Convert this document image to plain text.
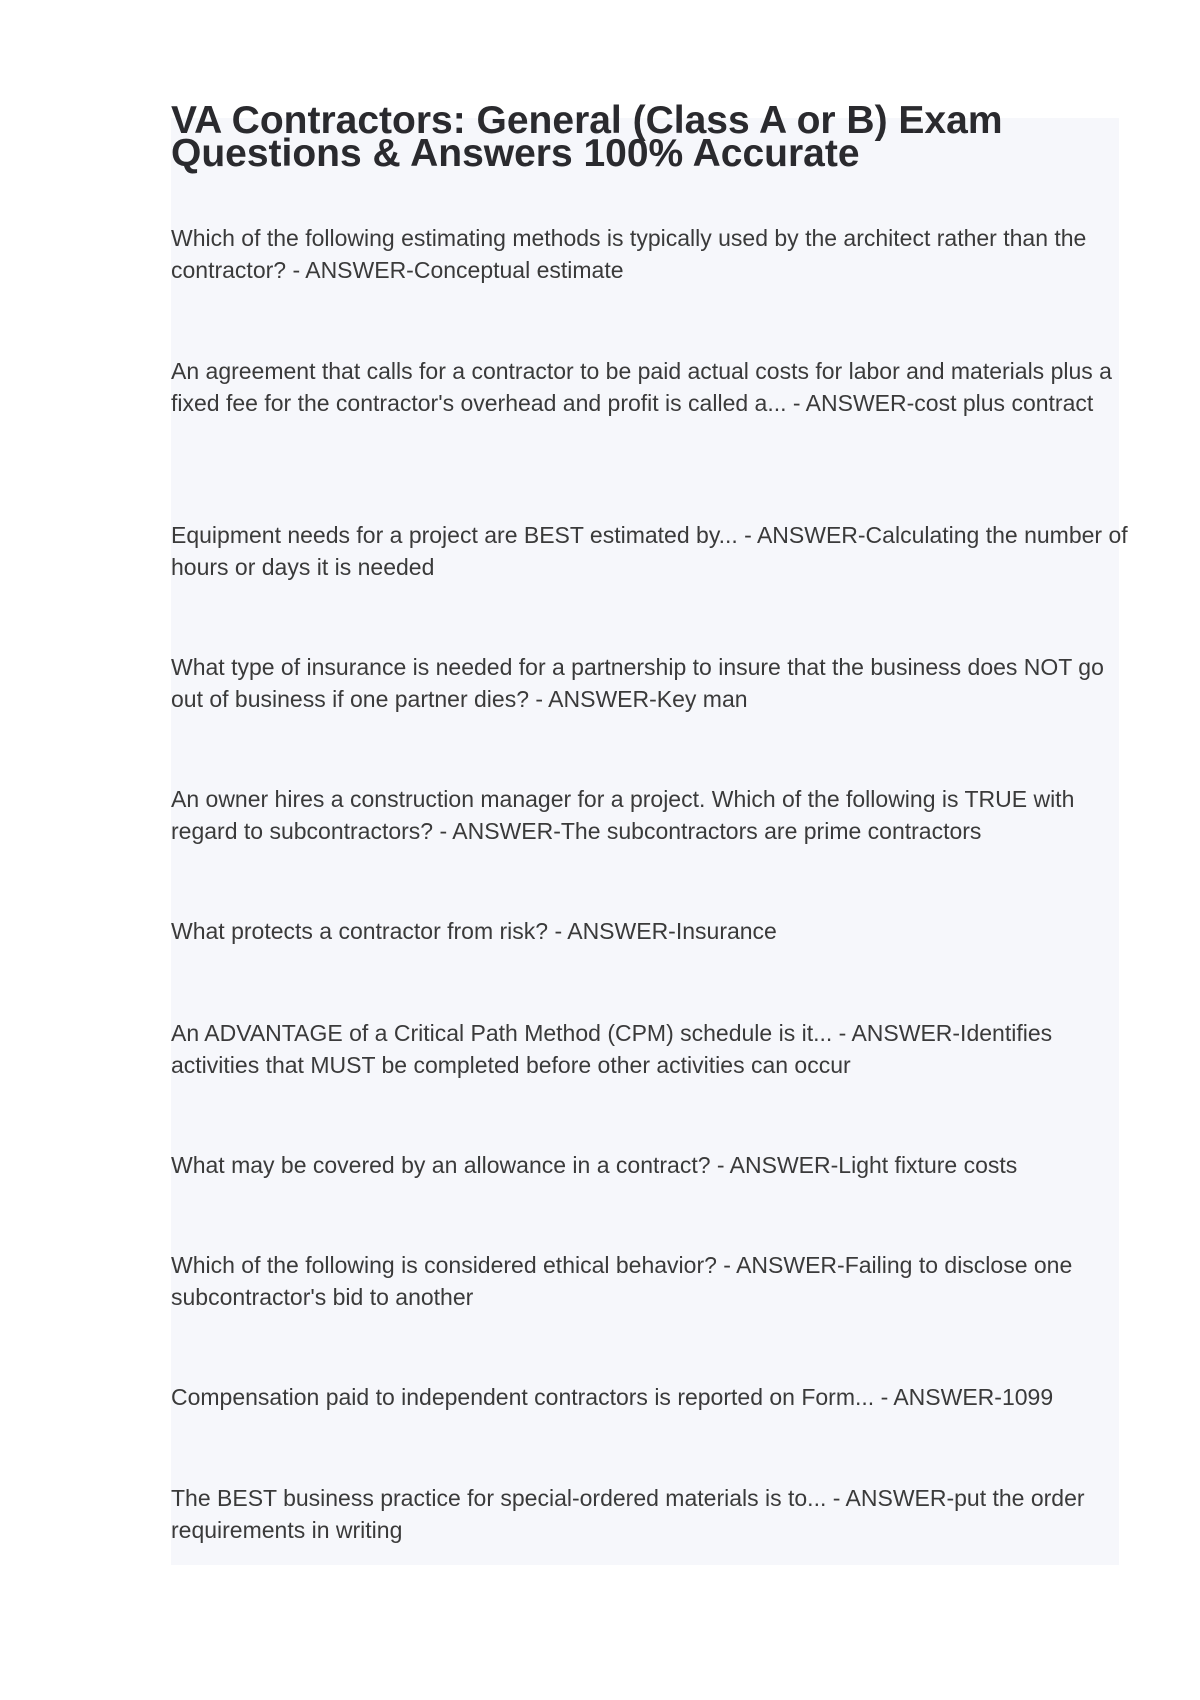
VA Contractors: General (Class A or B) Exam Questions & Answers 100% Accurate

Which of the following estimating methods is typically used by the architect rather than the contractor? - ANSWER-Conceptual estimate

An agreement that calls for a contractor to be paid actual costs for labor and materials plus a fixed fee for the contractor's overhead and profit is called a... - ANSWER-cost plus contract

Equipment needs for a project are BEST estimated by... - ANSWER-Calculating the number of hours or days it is needed

What type of insurance is needed for a partnership to insure that the business does NOT go out of business if one partner dies? - ANSWER-Key man

An owner hires a construction manager for a project. Which of the following is TRUE with regard to subcontractors? - ANSWER-The subcontractors are prime contractors

What protects a contractor from risk? - ANSWER-Insurance

An ADVANTAGE of a Critical Path Method (CPM) schedule is it... - ANSWER-Identifies activities that MUST be completed before other activities can occur

What may be covered by an allowance in a contract? - ANSWER-Light fixture costs

Which of the following is considered ethical behavior? - ANSWER-Failing to disclose one subcontractor's bid to another

Compensation paid to independent contractors is reported on Form... - ANSWER-1099

The BEST business practice for special-ordered materials is to... - ANSWER-put the order requirements in writing
